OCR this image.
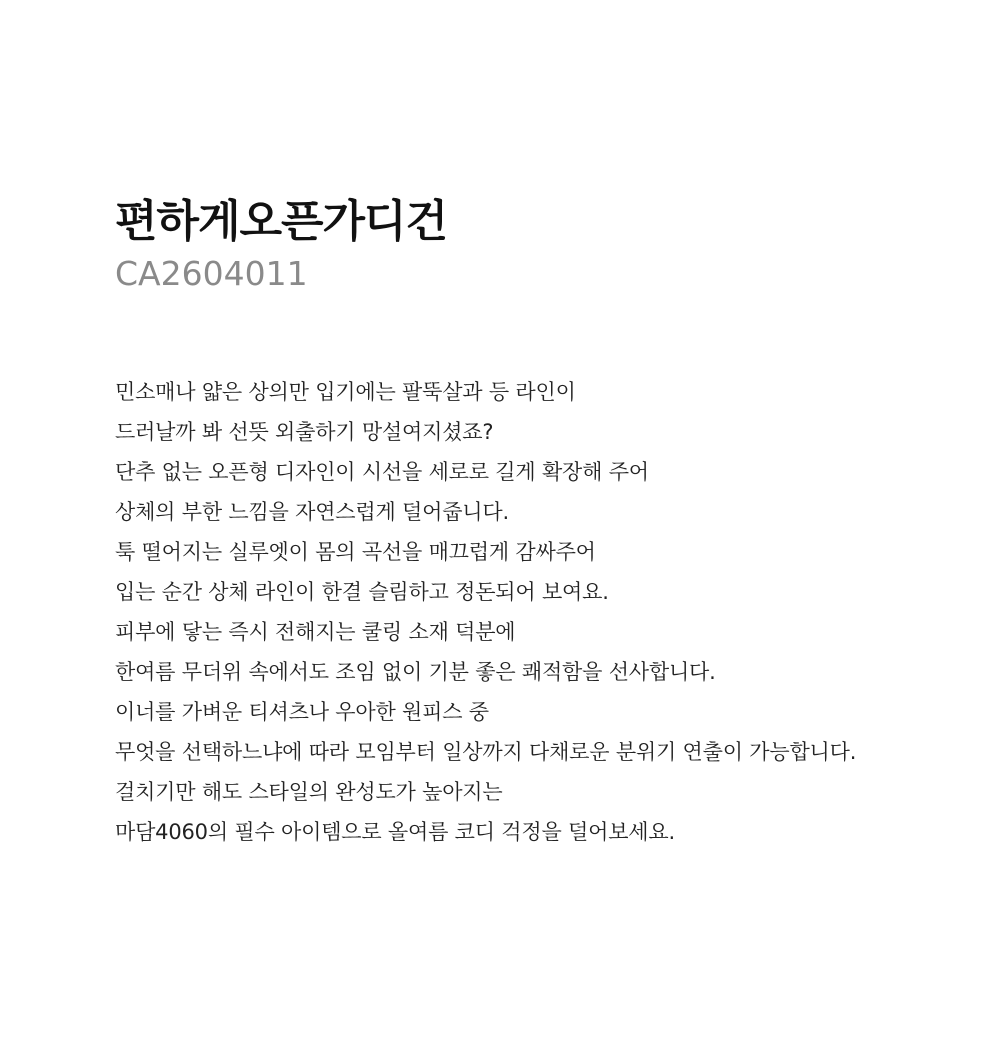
편하게오픈가디건
CA2604011
민소매나 얇은 상의만 입기에는 팔뚝살과 등 라인이
드러날까 봐 선뜻 외출하기 망설여지셨죠?
단추 없는 오픈형 디자인이 시선을 세로로 길게 확장해 주어
상체의 부한 느낌을 자연스럽게 덜어줍니다.
툭 떨어지는 실루엣이 몸의 곡선을 매끄럽게 감싸주어
입는 순간 상체 라인이 한결 슬림하고 정돈되어 보여요.
피부에 닿는 즉시 전해지는 쿨링 소재 덕분에
한여름 무더위 속에서도 조임 없이 기분 좋은 쾌적함을 선사합니다.
이너를 가벼운 티셔츠나 우아한 원피스 중
무엇을 선택하느냐에 따라 모임부터 일상까지 다채로운 분위기 연출이 가능합니다.
걸치기만 해도 스타일의 완성도가 높아지는
마담4060의 필수 아이템으로 올여름 코디 걱정을 덜어보세요.
